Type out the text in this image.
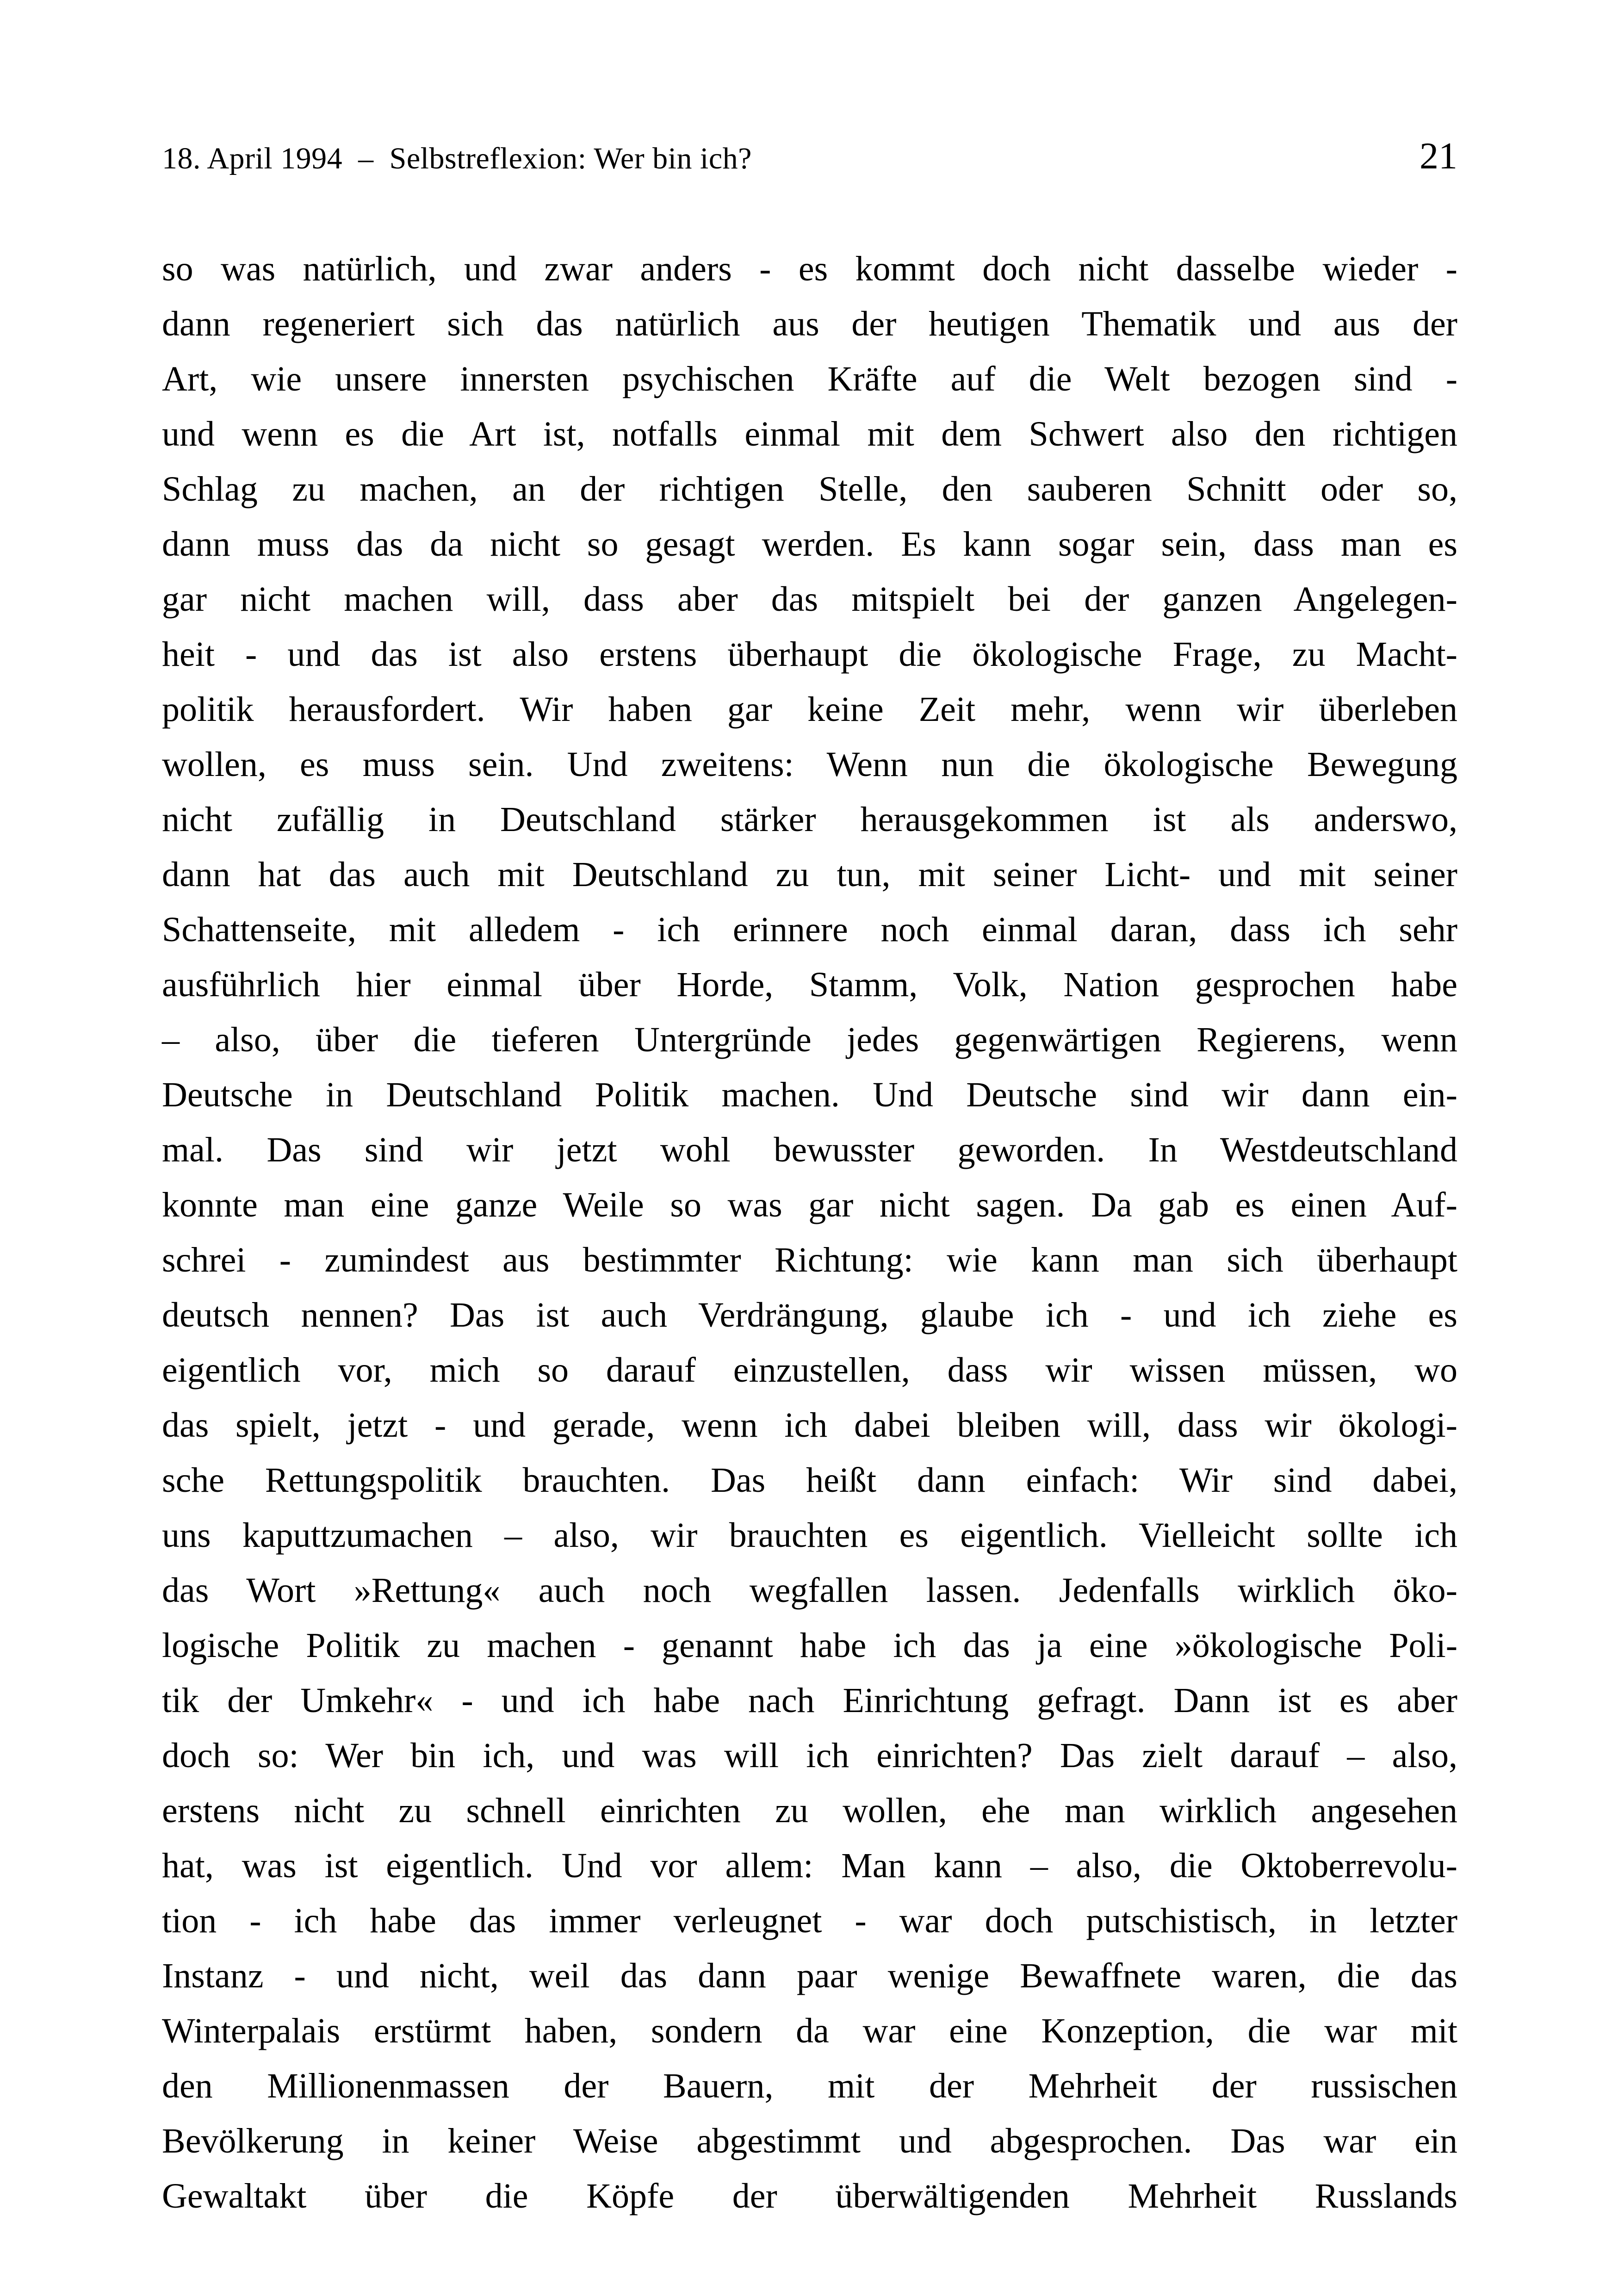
18. April 1994  –  Selbstreflexion: Wer bin ich?	21
so was natürlich, und zwar anders - es kommt doch nicht dasselbe wieder -
dann regeneriert sich das natürlich aus der heutigen Thematik und aus der
Art, wie unsere innersten psychischen Kräfte auf die Welt bezogen sind -
und wenn es die Art ist, notfalls einmal mit dem Schwert also den richtigen
Schlag zu machen, an der richtigen Stelle, den sauberen Schnitt oder so,
dann muss das da nicht so gesagt werden. Es kann sogar sein, dass man es
gar nicht machen will, dass aber das mitspielt bei der ganzen Angelegen-
heit - und das ist also erstens überhaupt die ökologische Frage, zu Macht-
politik herausfordert. Wir haben gar keine Zeit mehr, wenn wir überleben
wollen, es muss sein. Und zweitens: Wenn nun die ökologische Bewegung
nicht zufällig in Deutschland stärker herausgekommen ist als anderswo,
dann hat das auch mit Deutschland zu tun, mit seiner Licht- und mit seiner
Schattenseite, mit alledem - ich erinnere noch einmal daran, dass ich sehr
ausführlich hier einmal über Horde, Stamm, Volk, Nation gesprochen habe
– also, über die tieferen Untergründe jedes gegenwärtigen Regierens, wenn
Deutsche in Deutschland Politik machen. Und Deutsche sind wir dann ein-
mal. Das sind wir jetzt wohl bewusster geworden. In Westdeutschland
konnte man eine ganze Weile so was gar nicht sagen. Da gab es einen Auf-
schrei - zumindest aus bestimmter Richtung: wie kann man sich überhaupt
deutsch nennen? Das ist auch Verdrängung, glaube ich - und ich ziehe es
eigentlich vor, mich so darauf einzustellen, dass wir wissen müssen, wo
das spielt, jetzt - und gerade, wenn ich dabei bleiben will, dass wir ökologi-
sche Rettungspolitik brauchten. Das heißt dann einfach: Wir sind dabei,
uns kaputtzumachen – also, wir brauchten es eigentlich. Vielleicht sollte ich
das Wort »Rettung« auch noch wegfallen lassen. Jedenfalls wirklich öko-
logische Politik zu machen - genannt habe ich das ja eine »ökologische Poli-
tik der Umkehr« - und ich habe nach Einrichtung gefragt. Dann ist es aber
doch so: Wer bin ich, und was will ich einrichten? Das zielt darauf – also,
erstens nicht zu schnell einrichten zu wollen, ehe man wirklich angesehen
hat, was ist eigentlich. Und vor allem: Man kann – also, die Oktoberrevolu-
tion - ich habe das immer verleugnet - war doch putschistisch, in letzter
Instanz - und nicht, weil das dann paar wenige Bewaffnete waren, die das
Winterpalais erstürmt haben, sondern da war eine Konzeption, die war mit
den Millionenmassen der Bauern, mit der Mehrheit der russischen
Bevölkerung in keiner Weise abgestimmt und abgesprochen. Das war ein
Gewaltakt über die Köpfe der überwältigenden Mehrheit Russlands
